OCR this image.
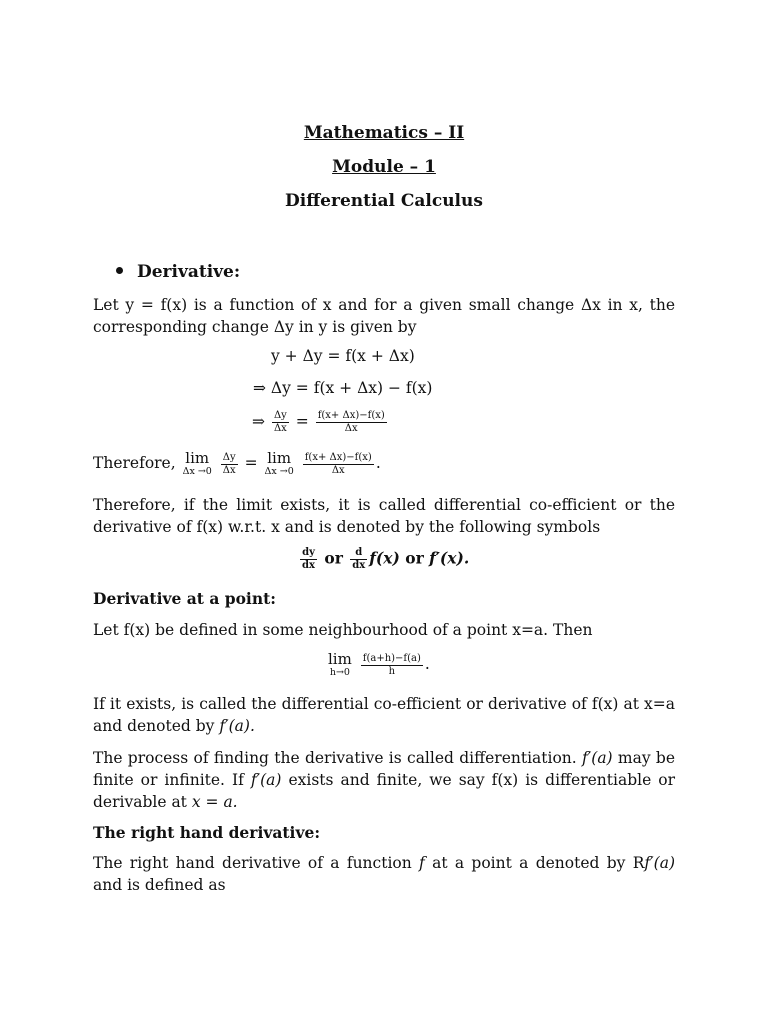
Mathematics – II
Module – 1
Differential Calculus
Derivative:
Let y = f(x) is a function of x and for a given small change Δx in x, the corresponding change Δy in y is given by
y + Δy = f(x + Δx)
⇒ Δy = f(x + Δx) − f(x)
⇒ $\frac{\Delta y}{\Delta x} = \frac{f(x+ \Delta x)-f(x)}{\Delta x}$
Therefore, lim
Δx →0
$\frac{\Delta y}{\Delta x} = \lim$
Δx →0
$\frac{f(x+ \Delta x)-f(x)}{\Delta x}$ .
Therefore, if the limit exists, it is called differential co-efficient or the derivative of f(x) w.r.t. x and is denoted by the following symbols
$\frac{dy}{dx}$ or $\frac{d}{dx} f(x)$ or f′(x).
Derivative at a point:
Let f(x) be defined in some neighbourhood of a point x=a. Then
lim
h→0
$\frac{f(a+h)-f(a)}{h}$ .
If it exists, is called the differential co-efficient or derivative of f(x) at x=a and denoted by f′(a).
The process of finding the derivative is called differentiation. f′(a) may be finite or infinite. If f′(a) exists and finite, we say f(x) is differentiable or derivable at x = a.
The right hand derivative:
The right hand derivative of a function f at a point a denoted by Rf′(a) and is defined as
